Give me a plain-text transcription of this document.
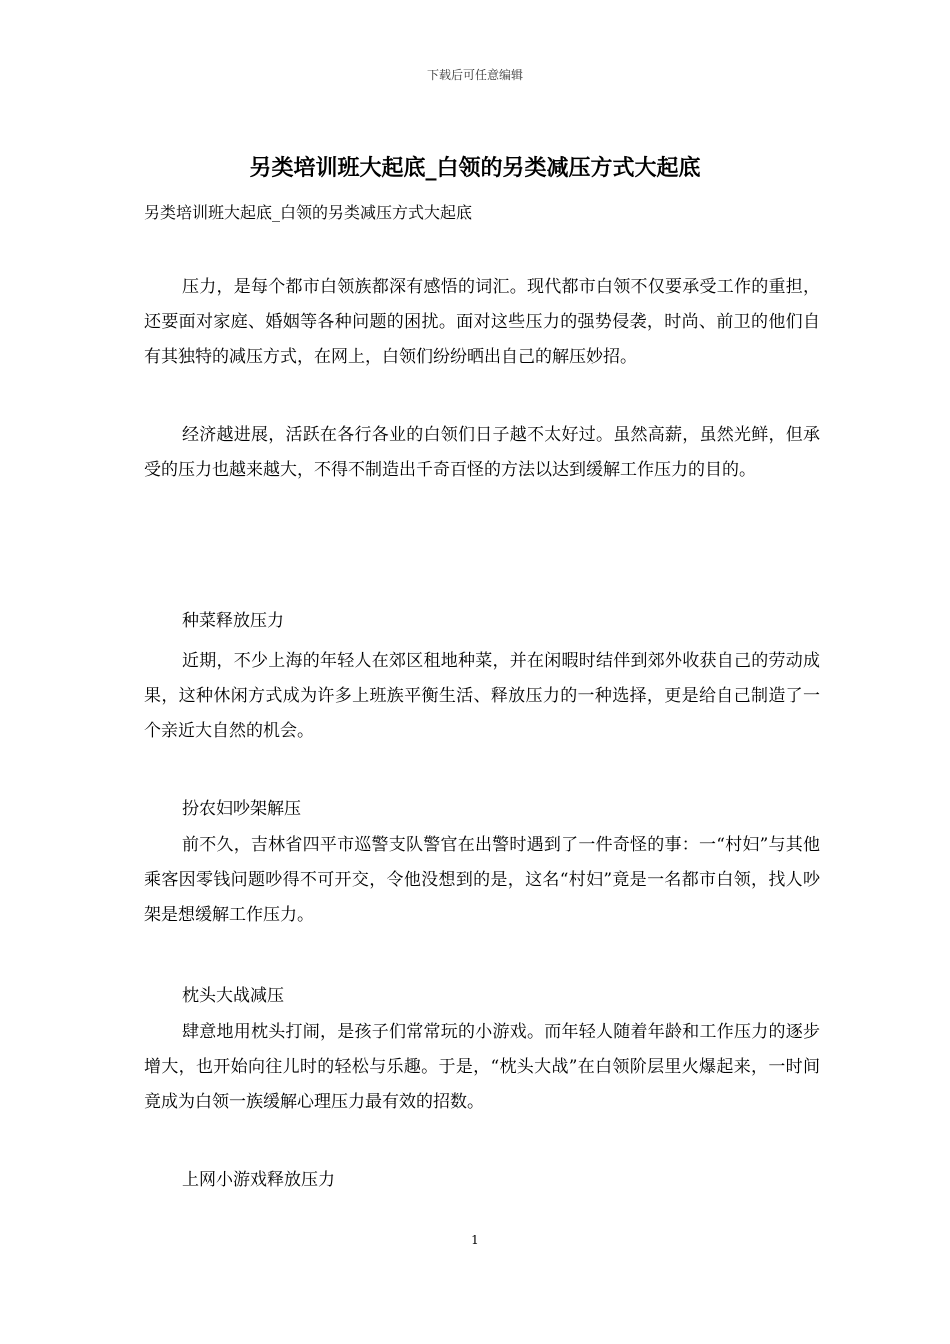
下载后可任意编辑
另类培训班大起底_白领的另类减压方式大起底
另类培训班大起底_白领的另类减压方式大起底
压力，是每个都市白领族都深有感悟的词汇。现代都市白领不仅要承受工作的重担，还要面对家庭、婚姻等各种问题的困扰。面对这些压力的强势侵袭，时尚、前卫的他们自有其独特的减压方式，在网上，白领们纷纷晒出自己的解压妙招。
经济越进展，活跃在各行各业的白领们日子越不太好过。虽然高薪，虽然光鲜，但承受的压力也越来越大，不得不制造出千奇百怪的方法以达到缓解工作压力的目的。
种菜释放压力
近期，不少上海的年轻人在郊区租地种菜，并在闲暇时结伴到郊外收获自己的劳动成果，这种休闲方式成为许多上班族平衡生活、释放压力的一种选择，更是给自己制造了一个亲近大自然的机会。
扮农妇吵架解压
前不久，吉林省四平市巡警支队警官在出警时遇到了一件奇怪的事：一“村妇”与其他乘客因零钱问题吵得不可开交，令他没想到的是，这名“村妇”竟是一名都市白领，找人吵架是想缓解工作压力。
枕头大战减压
肆意地用枕头打闹，是孩子们常常玩的小游戏。而年轻人随着年龄和工作压力的逐步增大，也开始向往儿时的轻松与乐趣。于是，“枕头大战”在白领阶层里火爆起来，一时间竟成为白领一族缓解心理压力最有效的招数。
上网小游戏释放压力
1
